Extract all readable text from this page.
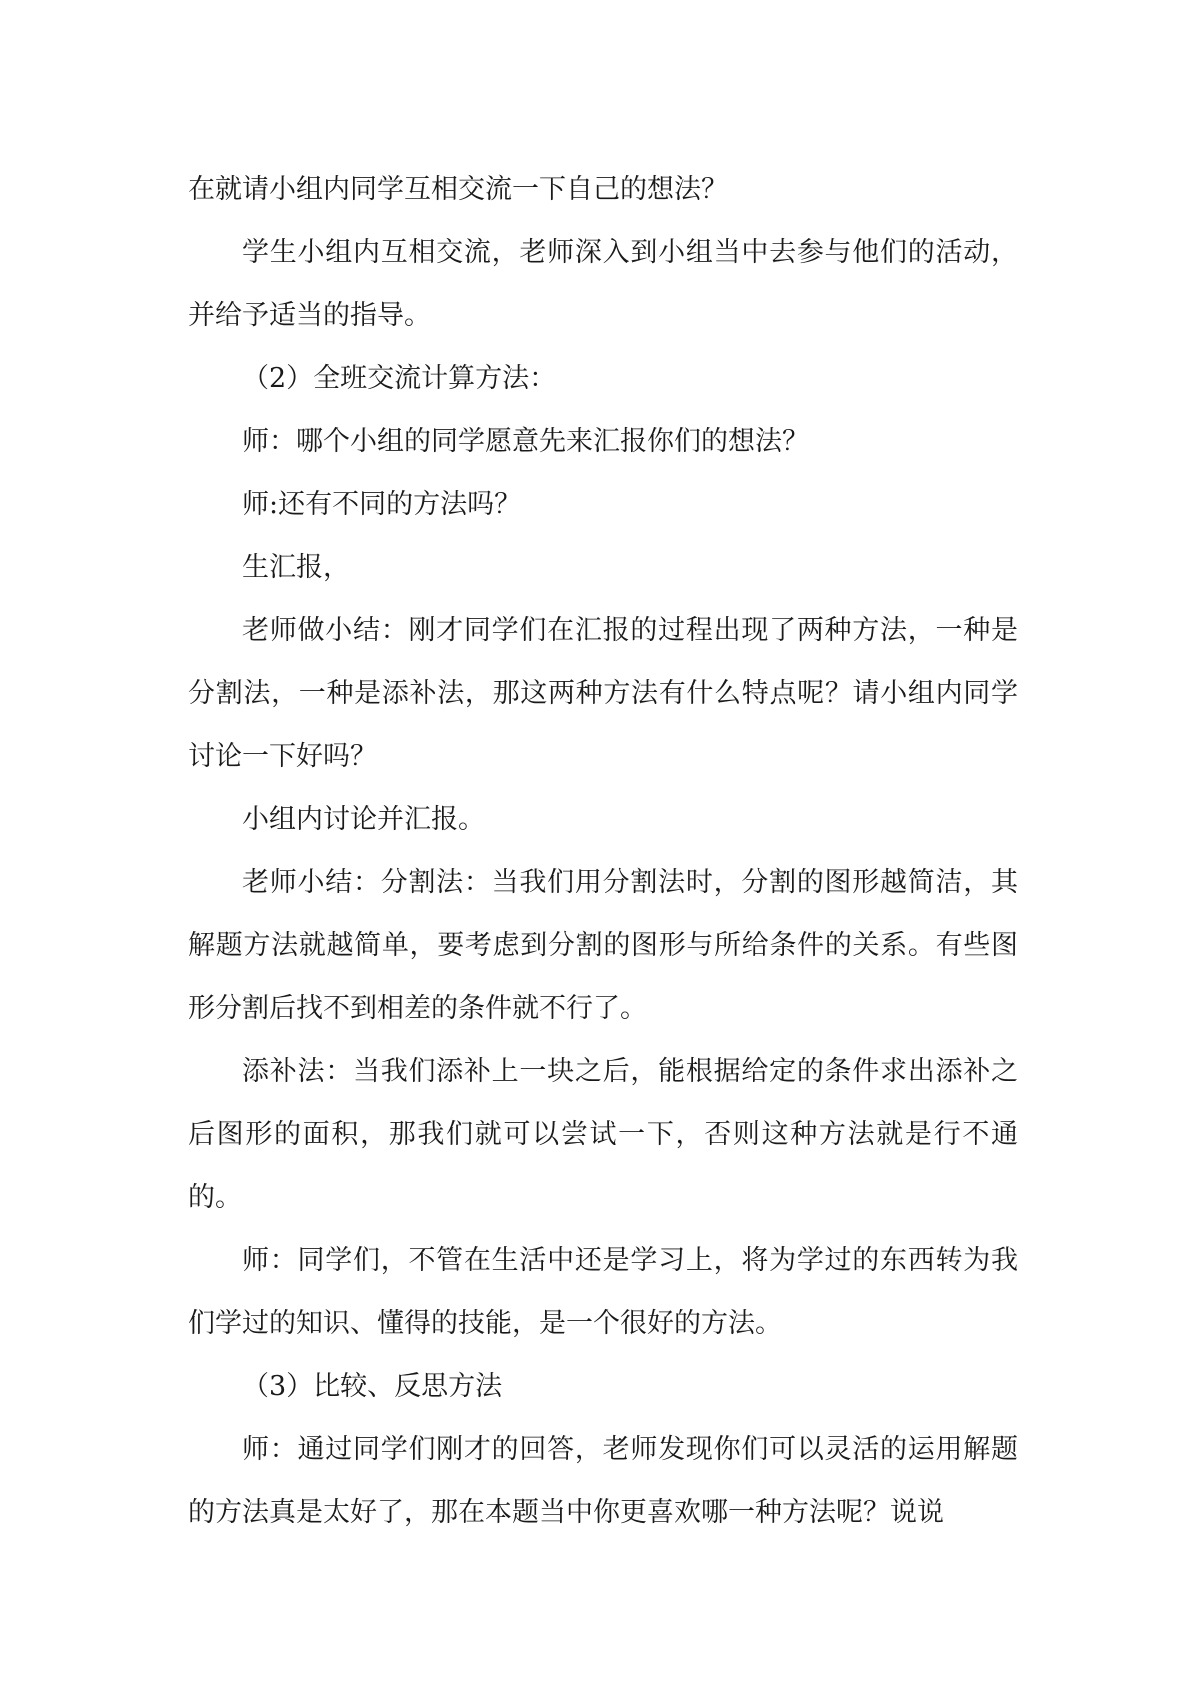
在就请小组内同学互相交流一下自己的想法？

学生小组内互相交流，老师深入到小组当中去参与他们的活动，并给予适当的指导。

（2）全班交流计算方法：

师：哪个小组的同学愿意先来汇报你们的想法？

师:还有不同的方法吗？

生汇报，

老师做小结：刚才同学们在汇报的过程出现了两种方法，一种是分割法，一种是添补法，那这两种方法有什么特点呢？请小组内同学讨论一下好吗？

小组内讨论并汇报。

老师小结：分割法：当我们用分割法时，分割的图形越简洁，其解题方法就越简单，要考虑到分割的图形与所给条件的关系。有些图形分割后找不到相差的条件就不行了。

添补法：当我们添补上一块之后，能根据给定的条件求出添补之后图形的面积，那我们就可以尝试一下，否则这种方法就是行不通的。

师：同学们，不管在生活中还是学习上，将为学过的东西转为我们学过的知识、懂得的技能，是一个很好的方法。

（3）比较、反思方法

师：通过同学们刚才的回答，老师发现你们可以灵活的运用解题的方法真是太好了，那在本题当中你更喜欢哪一种方法呢？说说
